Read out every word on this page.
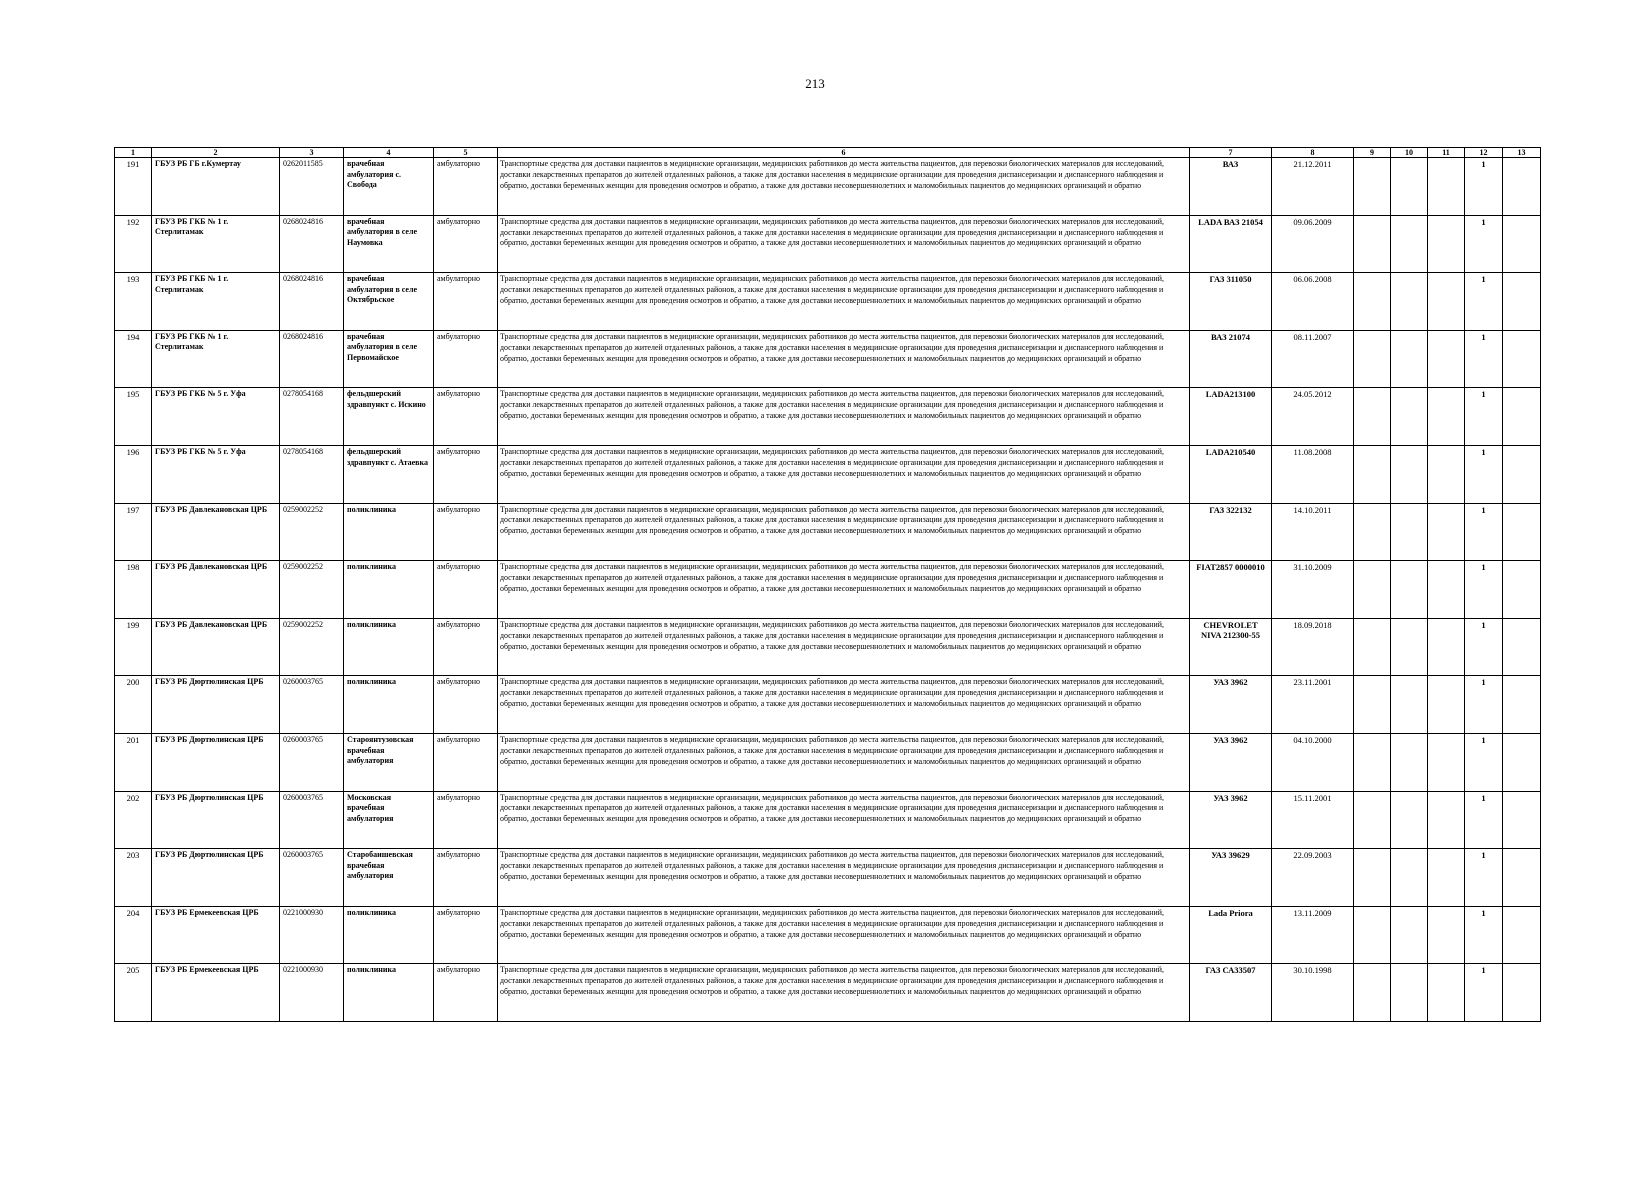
213
1	2	3	4	5	6	7	8	9	10	11	12	13
191	ГБУЗ РБ ГБ г.Кумертау	0262011585	врачебная амбулатория с. Свобода	амбулаторно	Транспортные средства для доставки пациентов в медицинские организации, медицинских работников до места жительства пациентов, для перевозки биологических материалов для исследований, доставки лекарственных препаратов до жителей отдаленных районов, а также для доставки населения в медицинские организации для проведения диспансеризации и диспансерного наблюдения и обратно, доставки беременных женщин для проведения осмотров и обратно, а также для доставки несовершеннолетних и маломобильных пациентов до медицинских организаций и обратно	ВАЗ	21.12.2011				1	
192	ГБУЗ РБ ГКБ № 1 г. Стерлитамак	0268024816	врачебная амбулатория в селе Наумовка	амбулаторно	Транспортные средства для доставки пациентов в медицинские организации, медицинских работников до места жительства пациентов, для перевозки биологических материалов для исследований, доставки лекарственных препаратов до жителей отдаленных районов, а также для доставки населения в медицинские организации для проведения диспансеризации и диспансерного наблюдения и обратно, доставки беременных женщин для проведения осмотров и обратно, а также для доставки несовершеннолетних и маломобильных пациентов до медицинских организаций и обратно	LADA ВАЗ 21054	09.06.2009				1	
193	ГБУЗ РБ ГКБ № 1 г. Стерлитамак	0268024816	врачебная амбулатория в селе Октябрьское	амбулаторно	Транспортные средства для доставки пациентов в медицинские организации, медицинских работников до места жительства пациентов, для перевозки биологических материалов для исследований, доставки лекарственных препаратов до жителей отдаленных районов, а также для доставки населения в медицинские организации для проведения диспансеризации и диспансерного наблюдения и обратно, доставки беременных женщин для проведения осмотров и обратно, а также для доставки несовершеннолетних и маломобильных пациентов до медицинских организаций и обратно	ГАЗ 311050	06.06.2008				1	
194	ГБУЗ РБ ГКБ № 1 г. Стерлитамак	0268024816	врачебная амбулатория в селе Первомайское	амбулаторно	Транспортные средства для доставки пациентов в медицинские организации, медицинских работников до места жительства пациентов, для перевозки биологических материалов для исследований, доставки лекарственных препаратов до жителей отдаленных районов, а также для доставки населения в медицинские организации для проведения диспансеризации и диспансерного наблюдения и обратно, доставки беременных женщин для проведения осмотров и обратно, а также для доставки несовершеннолетних и маломобильных пациентов до медицинских организаций и обратно	ВАЗ 21074	08.11.2007				1	
195	ГБУЗ РБ ГКБ № 5 г. Уфа	0278054168	фельдшерский здравпункт с. Искино	амбулаторно	Транспортные средства для доставки пациентов в медицинские организации, медицинских работников до места жительства пациентов, для перевозки биологических материалов для исследований, доставки лекарственных препаратов до жителей отдаленных районов, а также для доставки населения в медицинские организации для проведения диспансеризации и диспансерного наблюдения и обратно, доставки беременных женщин для проведения осмотров и обратно, а также для доставки несовершеннолетних и маломобильных пациентов до медицинских организаций и обратно	LADA213100	24.05.2012				1	
196	ГБУЗ РБ ГКБ № 5 г. Уфа	0278054168	фельдшерский здравпункт с. Атаевка	амбулаторно	Транспортные средства для доставки пациентов в медицинские организации, медицинских работников до места жительства пациентов, для перевозки биологических материалов для исследований, доставки лекарственных препаратов до жителей отдаленных районов, а также для доставки населения в медицинские организации для проведения диспансеризации и диспансерного наблюдения и обратно, доставки беременных женщин для проведения осмотров и обратно, а также для доставки несовершеннолетних и маломобильных пациентов до медицинских организаций и обратно	LADA210540	11.08.2008				1	
197	ГБУЗ РБ Давлекановская ЦРБ	0259002252	поликлиника	амбулаторно	Транспортные средства для доставки пациентов в медицинские организации, медицинских работников до места жительства пациентов, для перевозки биологических материалов для исследований, доставки лекарственных препаратов до жителей отдаленных районов, а также для доставки населения в медицинские организации для проведения диспансеризации и диспансерного наблюдения и обратно, доставки беременных женщин для проведения осмотров и обратно, а также для доставки несовершеннолетних и маломобильных пациентов до медицинских организаций и обратно	ГАЗ 322132	14.10.2011				1	
198	ГБУЗ РБ Давлекановская ЦРБ	0259002252	поликлиника	амбулаторно	Транспортные средства для доставки пациентов в медицинские организации, медицинских работников до места жительства пациентов, для перевозки биологических материалов для исследований, доставки лекарственных препаратов до жителей отдаленных районов, а также для доставки населения в медицинские организации для проведения диспансеризации и диспансерного наблюдения и обратно, доставки беременных женщин для проведения осмотров и обратно, а также для доставки несовершеннолетних и маломобильных пациентов до медицинских организаций и обратно	FIAT2857 0000010	31.10.2009				1	
199	ГБУЗ РБ Давлекановская ЦРБ	0259002252	поликлиника	амбулаторно	Транспортные средства для доставки пациентов в медицинские организации, медицинских работников до места жительства пациентов, для перевозки биологических материалов для исследований, доставки лекарственных препаратов до жителей отдаленных районов, а также для доставки населения в медицинские организации для проведения диспансеризации и диспансерного наблюдения и обратно, доставки беременных женщин для проведения осмотров и обратно, а также для доставки несовершеннолетних и маломобильных пациентов до медицинских организаций и обратно	CHEVROLET NIVA 212300-55	18.09.2018				1	
200	ГБУЗ РБ Дюртюлинская ЦРБ	0260003765	поликлиника	амбулаторно	Транспортные средства для доставки пациентов в медицинские организации, медицинских работников до места жительства пациентов, для перевозки биологических материалов для исследований, доставки лекарственных препаратов до жителей отдаленных районов, а также для доставки населения в медицинские организации для проведения диспансеризации и диспансерного наблюдения и обратно, доставки беременных женщин для проведения осмотров и обратно, а также для доставки несовершеннолетних и маломобильных пациентов до медицинских организаций и обратно	УАЗ 3962	23.11.2001				1	
201	ГБУЗ РБ Дюртюлинская ЦРБ	0260003765	Староянтузовская врачебная амбулатория	амбулаторно	Транспортные средства для доставки пациентов в медицинские организации, медицинских работников до места жительства пациентов, для перевозки биологических материалов для исследований, доставки лекарственных препаратов до жителей отдаленных районов, а также для доставки населения в медицинские организации для проведения диспансеризации и диспансерного наблюдения и обратно, доставки беременных женщин для проведения осмотров и обратно, а также для доставки несовершеннолетних и маломобильных пациентов до медицинских организаций и обратно	УАЗ 3962	04.10.2000				1	
202	ГБУЗ РБ Дюртюлинская ЦРБ	0260003765	Московская врачебная амбулатория	амбулаторно	Транспортные средства для доставки пациентов в медицинские организации, медицинских работников до места жительства пациентов, для перевозки биологических материалов для исследований, доставки лекарственных препаратов до жителей отдаленных районов, а также для доставки населения в медицинские организации для проведения диспансеризации и диспансерного наблюдения и обратно, доставки беременных женщин для проведения осмотров и обратно, а также для доставки несовершеннолетних и маломобильных пациентов до медицинских организаций и обратно	УАЗ 3962	15.11.2001				1	
203	ГБУЗ РБ Дюртюлинская ЦРБ	0260003765	Старобаишевская врачебная амбулатория	амбулаторно	Транспортные средства для доставки пациентов в медицинские организации, медицинских работников до места жительства пациентов, для перевозки биологических материалов для исследований, доставки лекарственных препаратов до жителей отдаленных районов, а также для доставки населения в медицинские организации для проведения диспансеризации и диспансерного наблюдения и обратно, доставки беременных женщин для проведения осмотров и обратно, а также для доставки несовершеннолетних и маломобильных пациентов до медицинских организаций и обратно	УАЗ 39629	22.09.2003				1	
204	ГБУЗ РБ Ермекеевская ЦРБ	0221000930	поликлиника	амбулаторно	Транспортные средства для доставки пациентов в медицинские организации, медицинских работников до места жительства пациентов, для перевозки биологических материалов для исследований, доставки лекарственных препаратов до жителей отдаленных районов, а также для доставки населения в медицинские организации для проведения диспансеризации и диспансерного наблюдения и обратно, доставки беременных женщин для проведения осмотров и обратно, а также для доставки несовершеннолетних и маломобильных пациентов до медицинских организаций и обратно	Lada Priora	13.11.2009				1	
205	ГБУЗ РБ Ермекеевская ЦРБ	0221000930	поликлиника	амбулаторно	Транспортные средства для доставки пациентов в медицинские организации, медицинских работников до места жительства пациентов, для перевозки биологических материалов для исследований, доставки лекарственных препаратов до жителей отдаленных районов, а также для доставки населения в медицинские организации для проведения диспансеризации и диспансерного наблюдения и обратно, доставки беременных женщин для проведения осмотров и обратно, а также для доставки несовершеннолетних и маломобильных пациентов до медицинских организаций и обратно	ГАЗ СА33507	30.10.1998				1	
